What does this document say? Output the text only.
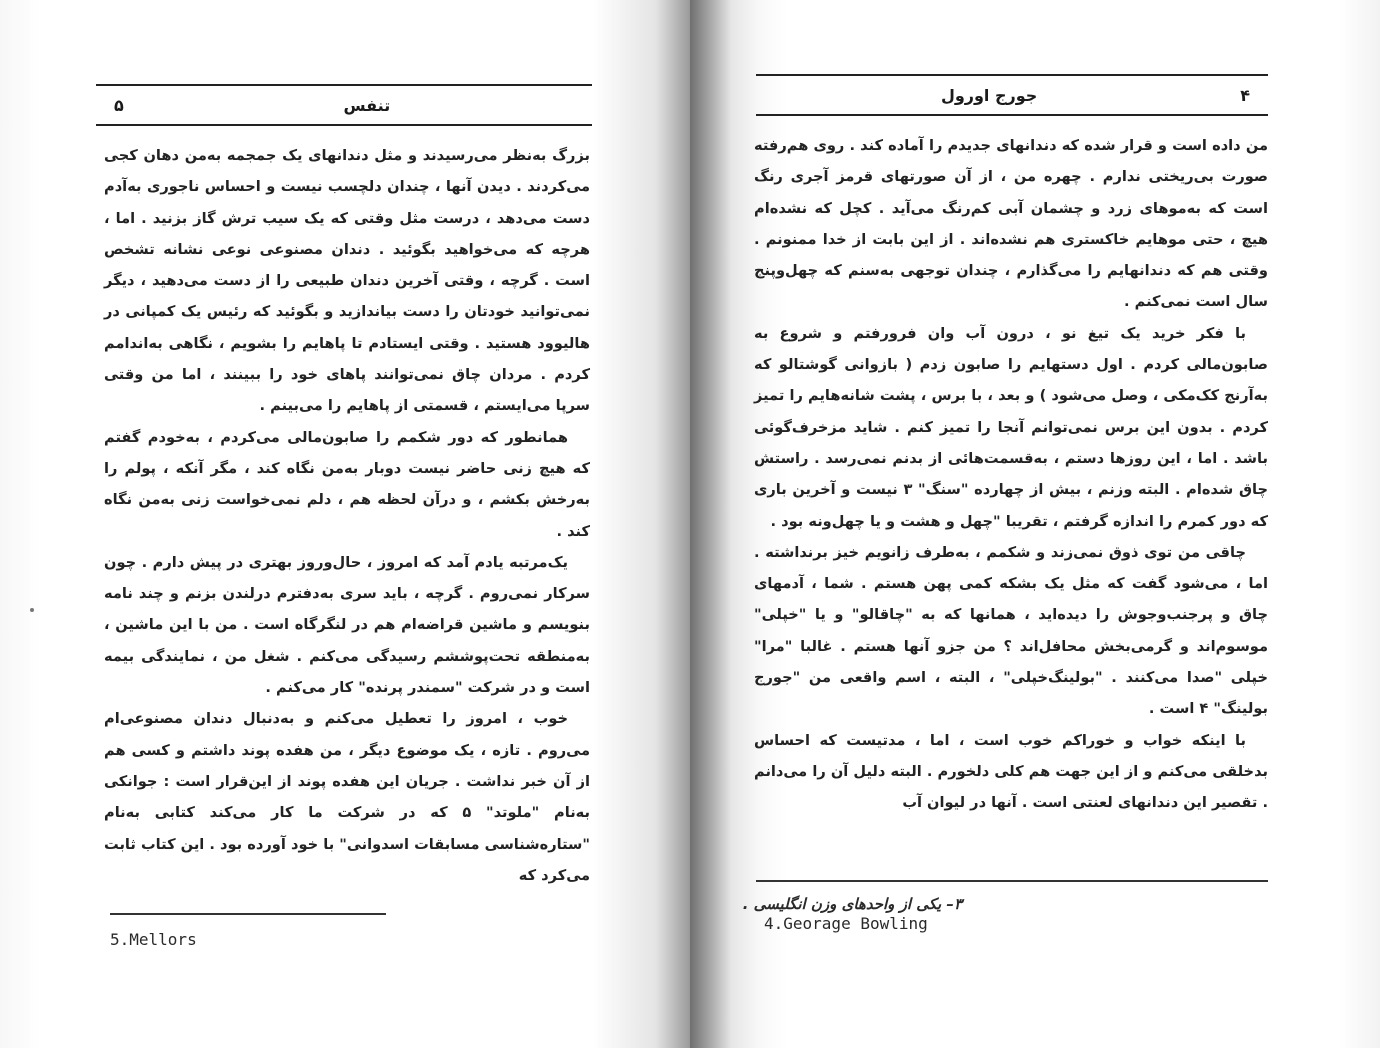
۵	تنفس

بزرگ به‌نظر می‌رسیدند و مثل دندانهای یک جمجمه به‌من دهان کجی می‌کردند . دیدن آنها ، چندان دلچسب نیست و احساس ناجوری به‌آدم دست می‌دهد ، درست مثل وقتی که یک سیب ترش گاز بزنید . اما ، هرچه که می‌خواهید بگوئید . دندان مصنوعی نوعی نشانه تشخص است . گرچه ، وقتی آخرین دندان طبیعی را از دست می‌دهید ، دیگر نمی‌توانید خودتان را دست بیاندازید و بگوئید که رئیس یک کمپانی در هالیوود هستید . وقتی ایستادم تا پاهایم را بشویم ، نگاهی به‌اندامم کردم . مردان چاق نمی‌توانند پاهای خود را ببینند ، اما من وقتی سرپا می‌ایستم ، قسمتی از پاهایم را می‌بینم .

همانطور که دور شکمم را صابون‌مالی می‌کردم ، به‌خودم گفتم که هیچ زنی حاضر نیست دوبار به‌من نگاه کند ، مگر آنکه ، پولم را به‌رخش بکشم ، و درآن لحظه هم ، دلم نمی‌خواست زنی به‌من نگاه کند .

یک‌مرتبه یادم آمد که امروز ، حال‌وروز بهتری در پیش دارم . چون سرکار نمی‌روم . گرچه ، باید سری به‌دفترم درلندن بزنم و چند نامه بنویسم و ماشین قراضه‌ام هم در لنگرگاه است . من با این ماشین ، به‌منطقه تحت‌پوششم رسیدگی می‌کنم . شغل من ، نمایندگی بیمه است و در شرکت "سمندر پرنده" کار می‌کنم .

خوب ، امروز را تعطیل می‌کنم و به‌دنبال دندان مصنوعی‌ام می‌روم . تازه ، یک موضوع دیگر ، من هفده پوند داشتم و کسی هم از آن خبر نداشت . جریان این هفده پوند از این‌قرار است : جوانکی به‌نام "ملوتد" ۵ که در شرکت ما کار می‌کند کتابی به‌نام "ستاره‌شناسی مسابقات اسدوانی" با خود آورده بود . این کتاب ثابت می‌کرد که

5.Mellors
جورج اورول	۴

من داده است و قرار شده که دندانهای جدیدم را آماده کند . روی هم‌رفته صورت بی‌ریختی ندارم . چهره من ، از آن صورتهای قرمز آجری رنگ است که به‌موهای زرد و چشمان آبی کم‌رنگ می‌آید . کچل که نشده‌ام هیچ ، حتی موهایم خاکستری هم نشده‌اند . از این بابت از خدا ممنونم . وقتی هم که دندانهایم را می‌گذارم ، چندان توجهی به‌سنم که چهل‌وپنج سال است نمی‌کنم .

با فکر خرید یک تیغ نو ، درون آب وان فرورفتم و شروع به صابون‌مالی کردم . اول دستهایم را صابون زدم ( بازوانی گوشتالو که به‌آرنج کک‌مکی ، وصل می‌شود ) و بعد ، با برس ، پشت شانه‌هایم را تمیز کردم . بدون این برس نمی‌توانم آنجا را تمیز کنم . شاید مزخرف‌گوئی باشد . اما ، این روزها دستم ، به‌قسمت‌هائی از بدنم نمی‌رسد . راستش چاق شده‌ام . البته وزنم ، بیش از چهارده "سنگ" ۳ نیست و آخرین باری که دور کمرم را اندازه گرفتم ، تقریبا "چهل و هشت و یا چهل‌ونه بود .

چاقی من توی ذوق نمی‌زند و شکمم ، به‌طرف زانویم خیز برنداشته . اما ، می‌شود گفت که مثل یک بشکه کمی پهن هستم . شما ، آدمهای چاق و پرجنب‌وجوش را دیده‌اید ، همانها که به "چاقالو" و یا "خپلی" موسوم‌اند و گرمی‌بخش محافل‌اند ؟ من جزو آنها هستم . غالبا "مرا" خپلی "صدا می‌کنند . "بولینگ‌خپلی" ، البته ، اسم واقعی من "جورج بولینگ" ۴ است .

با اینکه خواب و خوراکم خوب است ، اما ، مدتیست که احساس بدخلقی می‌کنم و از این جهت هم کلی دلخورم . البته دلیل آن را می‌دانم . تقصیر این دندانهای لعنتی است . آنها در لیوان آب

۳– یکی از واحدهای وزن انگلیسی .
4.Georage Bowling
